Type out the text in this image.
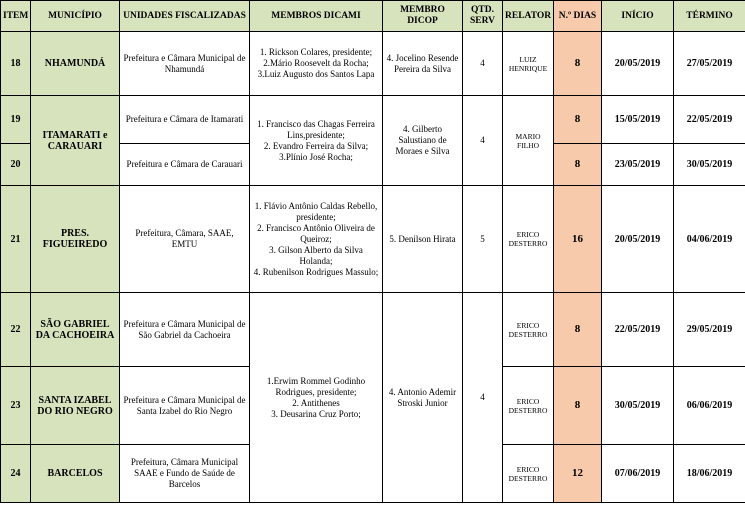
ITEM	MUNICÍPIO	UNIDADES FISCALIZADAS	MEMBROS DICAMI	MEMBRO DICOP	QTD. SERV	RELATOR	N.º DIAS	INÍCIO	TÉRMINO
18	NHAMUNDÁ	Prefeitura e Câmara Municipal de Nhamundá	1. Rickson Colares, presidente;
2.Mário Roosevelt da Rocha;
3.Luiz Augusto dos Santos Lapa	4. Jocelino Resende Pereira da Silva	4	LUIZ HENRIQUE	8	20/05/2019	27/05/2019
19	ITAMARATI e CARAUARI	Prefeitura e Câmara de Itamarati	1. Francisco das Chagas Ferreira Lins,presidente;
2. Evandro Ferreira da Silva;
3.Plínio José Rocha;	4. Gilberto Salustiano de Moraes e Silva	4	MARIO FILHO	8	15/05/2019	22/05/2019
20		Prefeitura e Câmara de Carauari					8	23/05/2019	30/05/2019
21	PRES. FIGUEIREDO	Prefeitura, Câmara, SAAE, EMTU	1. Flávio Antônio Caldas Rebello, presidente;
2. Francisco Antônio Oliveira de Queiroz;
3. Gilson Alberto da Silva Holanda;
4. Rubenilson Rodrigues Massulo;	5. Denilson Hirata	5	ERICO DESTERRO	16	20/05/2019	04/06/2019
22	SÃO GABRIEL DA CACHOEIRA	Prefeitura e Câmara Municipal de São Gabriel da Cachoeira	1.Erwim Rommel Godinho Rodrigues, presidente;
2. Antithenes
3. Deusarina Cruz Porto;	4. Antonio Ademir Stroski Junior	4	ERICO DESTERRO	8	22/05/2019	29/05/2019
23	SANTA IZABEL DO RIO NEGRO	Prefeitura e Câmara Municipal de Santa Izabel do Rio Negro				ERICO DESTERRO	8	30/05/2019	06/06/2019
24	BARCELOS	Prefeitura, Câmara Municipal SAAE e Fundo de Saúde de Barcelos				ERICO DESTERRO	12	07/06/2019	18/06/2019
